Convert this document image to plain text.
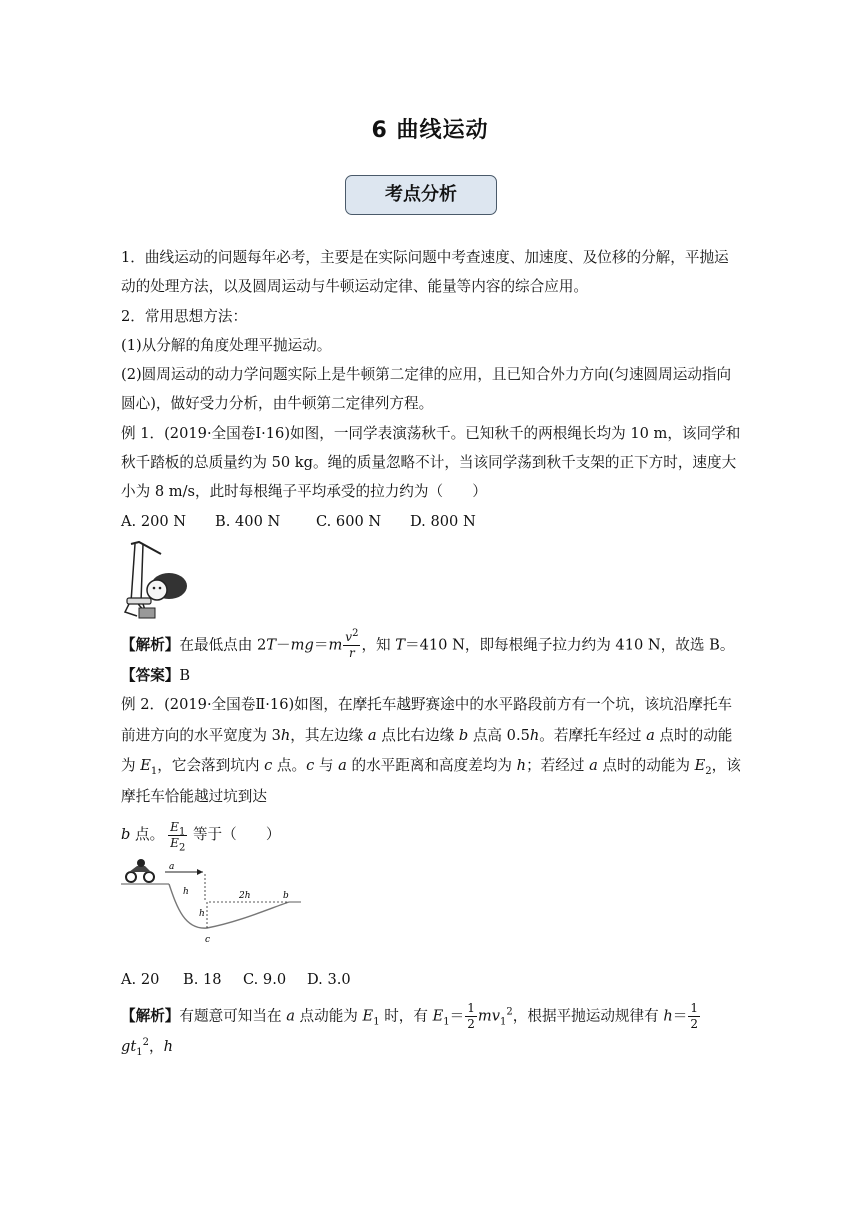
6 曲线运动
考点分析

1．曲线运动的问题每年必考，主要是在实际问题中考查速度、加速度、及位移的分解，平抛运动的处理方法，以及圆周运动与牛顿运动定律、能量等内容的综合应用。

2．常用思想方法：

(1)从分解的角度处理平抛运动。

(2)圆周运动的动力学问题实际上是牛顿第二定律的应用，且已知合外力方向(匀速圆周运动指向圆心)，做好受力分析，由牛顿第二定律列方程。

例 1．(2019·全国卷Ⅰ·16)如图，一同学表演荡秋千。已知秋千的两根绳长均为 10 m，该同学和秋千踏板的总质量约为 50 kg。绳的质量忽略不计，当该同学荡到秋千支架的正下方时，速度大小为 8 m/s，此时每根绳子平均承受的拉力约为（　　）

A. 200 N B. 400 N C. 600 N D. 800 N

【解析】在最低点由 $2T-mg=m \frac{v^2}{r}$ ，知 T＝410 N，即每根绳子拉力约为 410 N，故选 B。

【答案】B

例 2．(2019·全国卷Ⅱ·16)如图，在摩托车越野赛途中的水平路段前方有一个坑，该坑沿摩托车前进方向的水平宽度为 3h，其左边缘 a 点比右边缘 b 点高 0.5h。若摩托车经过 a 点时的动能为 $E_1$，它会落到坑内 c 点。c 与 a 的水平距离和高度差均为 h；若经过 a 点时的动能为 $E_2$，该摩托车恰能越过坑到达
b 点。 $\frac{E_1}{E_2}$ 等于（　　）

a
h
h
2h	b
c

A. 20 B. 18 C. 9.0 D. 3.0

【解析】有题意可知当在 a 点动能为 $E_1$ 时，有 $E_1= \frac{1}{2} mv_1^2$，根据平抛运动规律有 $h= \frac{1}{2}$
$gt_1^2$，h
